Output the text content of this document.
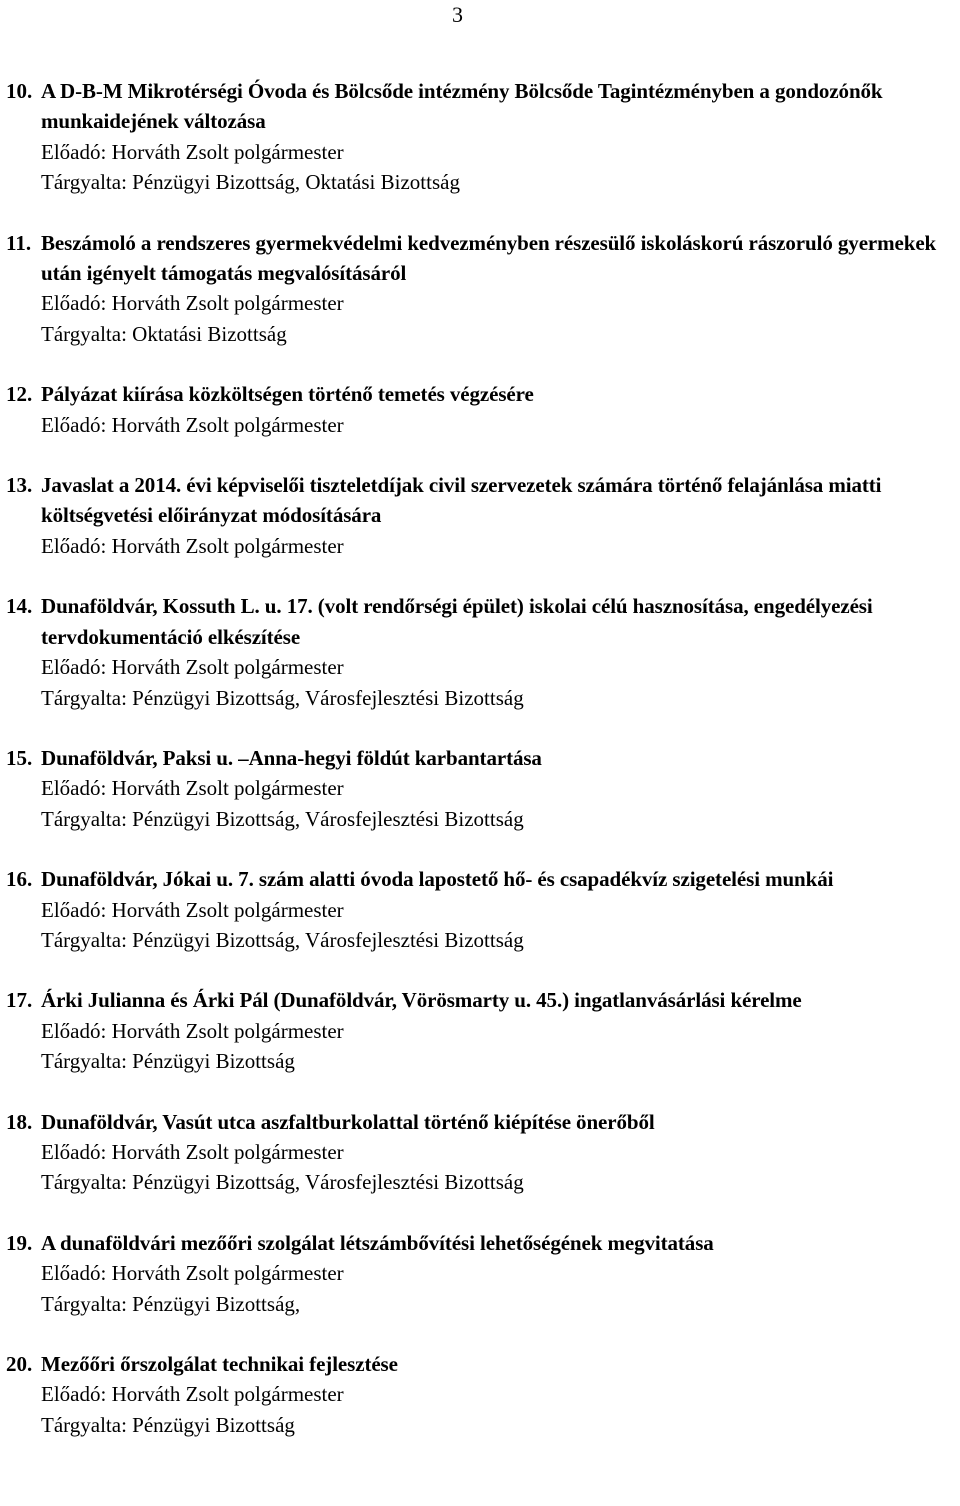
3
10. A D-B-M Mikrotérségi Óvoda és Bölcsőde intézmény Bölcsőde Tagintézményben a gondozónők munkaidejének változása
Előadó: Horváth Zsolt polgármester
Tárgyalta: Pénzügyi Bizottság, Oktatási Bizottság
11. Beszámoló a rendszeres gyermekvédelmi kedvezményben részesülő iskoláskorú rászoruló gyermekek után igényelt támogatás megvalósításáról
Előadó: Horváth Zsolt polgármester
Tárgyalta: Oktatási Bizottság
12. Pályázat kiírása közköltségen történő temetés végzésére
Előadó: Horváth Zsolt polgármester
13. Javaslat a 2014. évi képviselői tiszteletdíjak civil szervezetek számára történő felajánlása miatti költségvetési előirányzat módosítására
Előadó: Horváth Zsolt polgármester
14. Dunaföldvár, Kossuth L. u. 17. (volt rendőrségi épület) iskolai célú hasznosítása, engedélyezési tervdokumentáció elkészítése
Előadó: Horváth Zsolt polgármester
Tárgyalta: Pénzügyi Bizottság, Városfejlesztési Bizottság
15. Dunaföldvár, Paksi u. –Anna-hegyi földút karbantartása
Előadó: Horváth Zsolt polgármester
Tárgyalta: Pénzügyi Bizottság, Városfejlesztési Bizottság
16. Dunaföldvár, Jókai u. 7. szám alatti óvoda lapostető hő- és csapadékvíz szigetelési munkái
Előadó: Horváth Zsolt polgármester
Tárgyalta: Pénzügyi Bizottság, Városfejlesztési Bizottság
17. Árki Julianna és Árki Pál (Dunaföldvár, Vörösmarty u. 45.) ingatlanvásárlási kérelme
Előadó: Horváth Zsolt polgármester
Tárgyalta: Pénzügyi Bizottság
18. Dunaföldvár, Vasút utca aszfaltburkolattal történő kiépítése önerőből
Előadó: Horváth Zsolt polgármester
Tárgyalta: Pénzügyi Bizottság, Városfejlesztési Bizottság
19. A dunaföldvári mezőőri szolgálat létszámbővítési lehetőségének megvitatása
Előadó: Horváth Zsolt polgármester
Tárgyalta: Pénzügyi Bizottság,
20. Mezőőri őrszolgálat technikai fejlesztése
Előadó: Horváth Zsolt polgármester
Tárgyalta: Pénzügyi Bizottság
